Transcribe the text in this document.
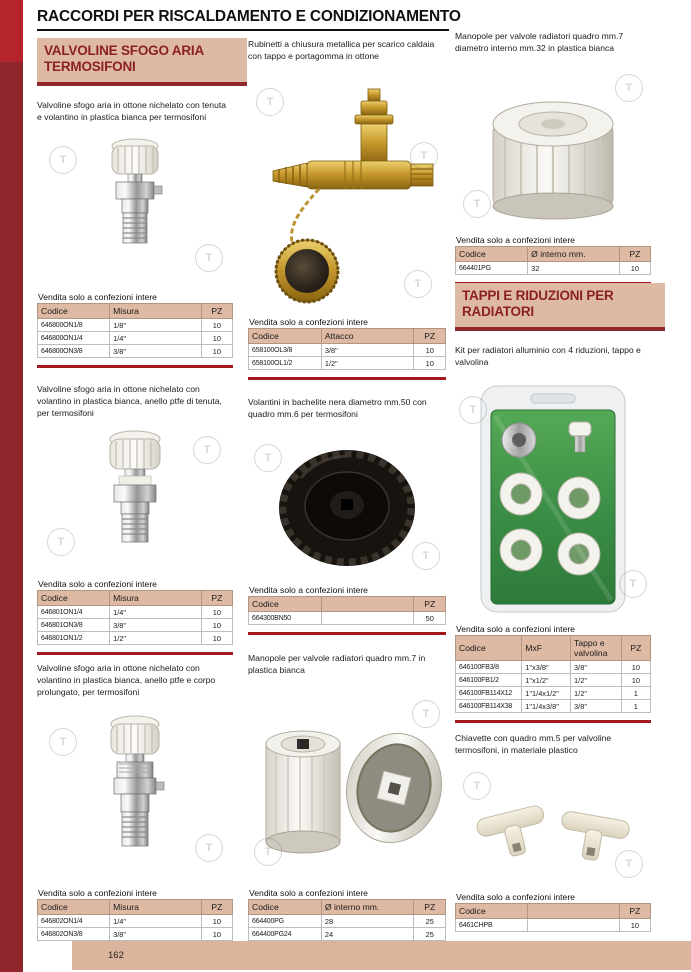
RACCORDI PER RISCALDAMENTO E CONDIZIONAMENTO
VALVOLINE SFOGO ARIA TERMOSIFONI
Valvoline sfogo aria in ottone nichelato con tenuta e volantino in plastica bianca per termosifoni
T
T
Vendita solo a confezioni intere
Codice	Misura	PZ
646800ON1/8	1/8"	10
646800ON1/4	1/4"	10
646800ON3/8	3/8"	10
Valvoline sfogo aria in ottone nichelato con volantino in plastica bianca, anello ptfe di tenuta, per termosifoni
T
T
Vendita solo a confezioni intere
Codice	Misura	PZ
646801ON1/4	1/4"	10
646801ON3/8	3/8"	10
646801ON1/2	1/2"	10
Valvoline sfogo aria in ottone nichelato con volantino in plastica bianca, anello ptfe e corpo prolungato, per termosifoni
T
T
Vendita solo a confezioni intere
Codice	Misura	PZ
646802ON1/4	1/4"	10
646802ON3/8	3/8"	10
Rubinetti a chiusura metallica per scarico caldaia con tappo e portagomma in ottone
T
T
T
Vendita solo a confezioni intere
Codice	Attacco	PZ
658100OL3/8	3/8"	10
658100OL1/2	1/2"	10
Volantini in bachelite nera diametro mm.50 con quadro mm.6 per termosifoni
T
T
Vendita solo a confezioni intere
Codice		PZ
664300BN50		50
Manopole per valvole radiatori quadro mm.7 in plastica bianca
T
T
Vendita solo a confezioni intere
Codice	Ø interno mm.	PZ
664400PG	28	25
664400PG24	24	25
Manopole per valvole radiatori quadro mm.7 diametro interno mm.32 in plastica bianca
T
T
Vendita solo a confezioni intere
Codice	Ø interno mm.	PZ
664401PG	32	10
TAPPI E RIDUZIONI PER RADIATORI
Kit per radiatori alluminio con 4 riduzioni, tappo e valvolina
T
T
Vendita solo a confezioni intere
Codice	MxF	Tappo e valvolina	PZ
646100FB3/8	1"x3/8"	3/8"	10
646100FB1/2	1"x1/2"	1/2"	10
646100FB114X12	1"1/4x1/2"	1/2"	1
646100FB114X38	1"1/4x3/8"	3/8"	1
Chiavette con quadro mm.5 per valvoline termosifoni, in materiale plastico
T
T
Vendita solo a confezioni intere
Codice		PZ
6461CHPB		10
162
